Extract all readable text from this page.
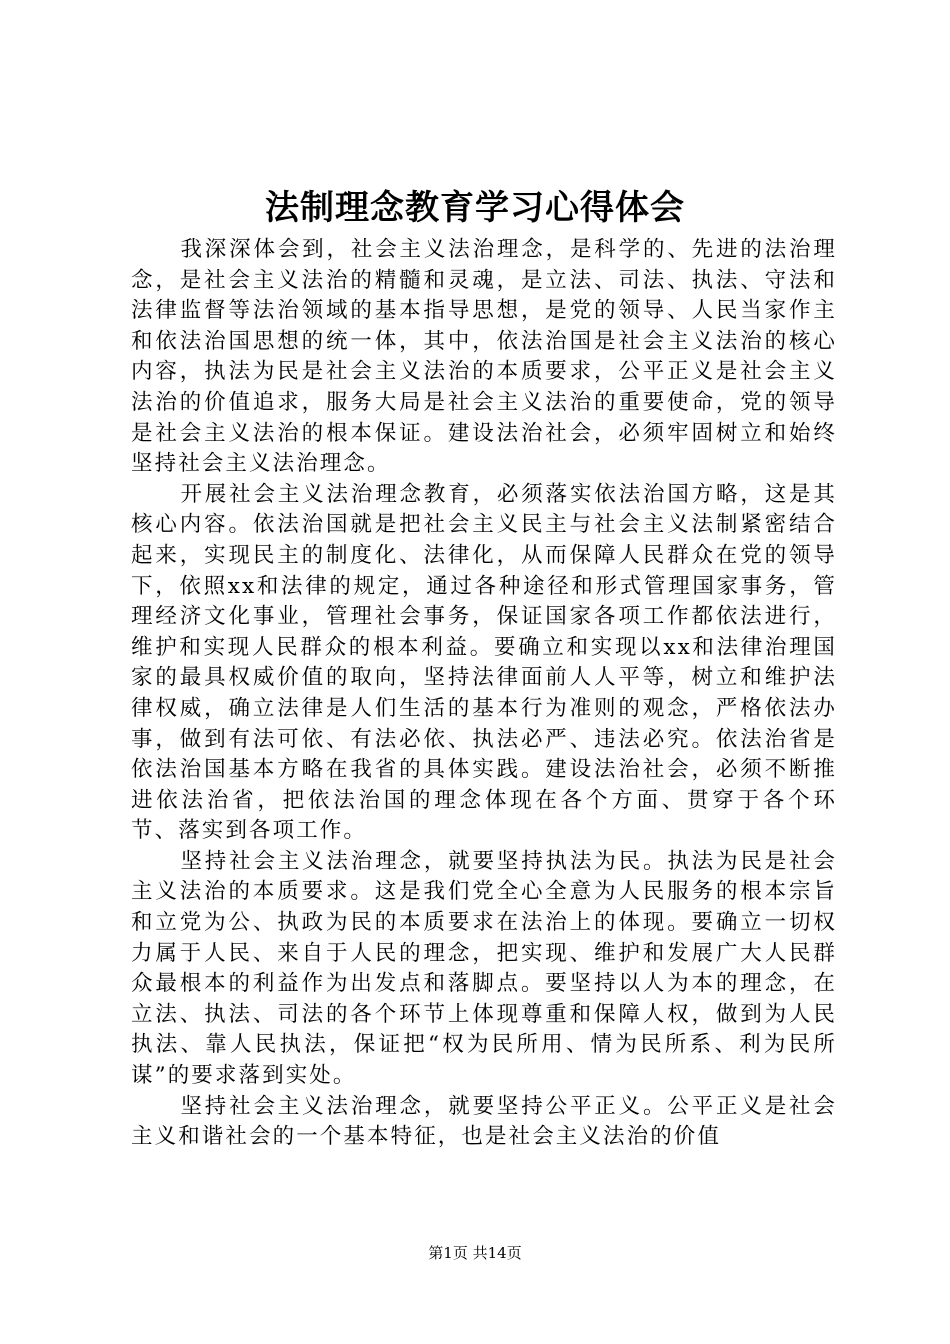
法制理念教育学习心得体会

我深深体会到，社会主义法治理念，是科学的、先进的法治理念，是社会主义法治的精髓和灵魂，是立法、司法、执法、守法和法律监督等法治领域的基本指导思想，是党的领导、人民当家作主和依法治国思想的统一体，其中，依法治国是社会主义法治的核心内容，执法为民是社会主义法治的本质要求，公平正义是社会主义法治的价值追求，服务大局是社会主义法治的重要使命，党的领导是社会主义法治的根本保证。建设法治社会，必须牢固树立和始终坚持社会主义法治理念。

开展社会主义法治理念教育，必须落实依法治国方略，这是其核心内容。依法治国就是把社会主义民主与社会主义法制紧密结合起来，实现民主的制度化、法律化，从而保障人民群众在党的领导下，依照xx和法律的规定，通过各种途径和形式管理国家事务，管理经济文化事业，管理社会事务，保证国家各项工作都依法进行，维护和实现人民群众的根本利益。要确立和实现以xx和法律治理国家的最具权威价值的取向，坚持法律面前人人平等，树立和维护法律权威，确立法律是人们生活的基本行为准则的观念，严格依法办事，做到有法可依、有法必依、执法必严、违法必究。依法治省是依法治国基本方略在我省的具体实践。建设法治社会，必须不断推进依法治省，把依法治国的理念体现在各个方面、贯穿于各个环节、落实到各项工作。

坚持社会主义法治理念，就要坚持执法为民。执法为民是社会主义法治的本质要求。这是我们党全心全意为人民服务的根本宗旨和立党为公、执政为民的本质要求在法治上的体现。要确立一切权力属于人民、来自于人民的理念，把实现、维护和发展广大人民群众最根本的利益作为出发点和落脚点。要坚持以人为本的理念，在立法、执法、司法的各个环节上体现尊重和保障人权，做到为人民执法、靠人民执法，保证把“权为民所用、情为民所系、利为民所谋”的要求落到实处。

坚持社会主义法治理念，就要坚持公平正义。公平正义是社会主义和谐社会的一个基本特征，也是社会主义法治的价值

第1页 共14页
